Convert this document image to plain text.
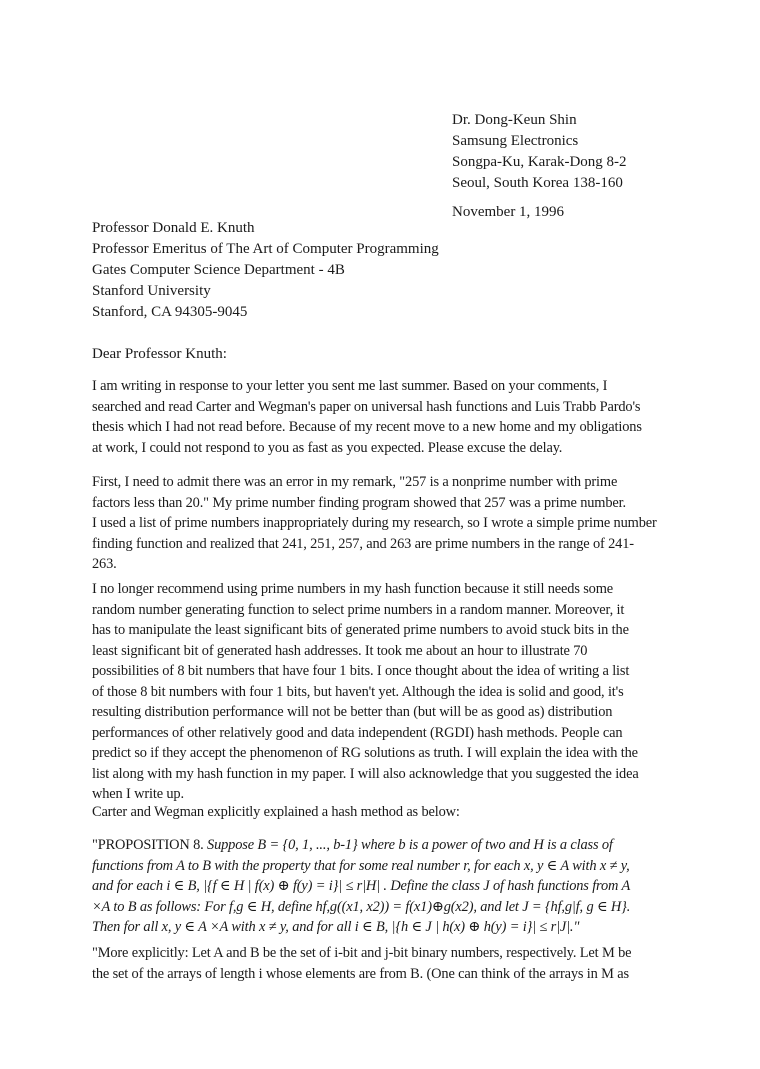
Dr. Dong-Keun Shin
Samsung Electronics
Songpa-Ku, Karak-Dong 8-2
Seoul, South Korea 138-160
November 1, 1996
Professor Donald E. Knuth
Professor Emeritus of The Art of Computer Programming
Gates Computer Science Department - 4B
Stanford University
Stanford, CA 94305-9045
Dear Professor Knuth:
I am writing in response to your letter you sent me last summer. Based on your comments, I
searched and read Carter and Wegman's paper on universal hash functions and Luis Trabb Pardo's
thesis which I had not read before. Because of my recent move to a new home and my obligations
at work, I could not respond to you as fast as you expected. Please excuse the delay.
First, I need to admit there was an error in my remark, "257 is a nonprime number with prime
factors less than 20." My prime number finding program showed that 257 was a prime number.
I used a list of prime numbers inappropriately during my research, so I wrote a simple prime number
finding function and realized that 241, 251, 257, and 263 are prime numbers in the range of 241-
263.
I no longer recommend using prime numbers in my hash function because it still needs some
random number generating function to select prime numbers in a random manner. Moreover, it
has to manipulate the least significant bits of generated prime numbers to avoid stuck bits in the
least significant bit of generated hash addresses. It took me about an hour to illustrate 70
possibilities of 8 bit numbers that have four 1 bits. I once thought about the idea of writing a list
of those 8 bit numbers with four 1 bits, but haven't yet. Although the idea is solid and good, it's
resulting distribution performance will not be better than (but will be as good as) distribution
performances of other relatively good and data independent (RGDI) hash methods. People can
predict so if they accept the phenomenon of RG solutions as truth. I will explain the idea with the
list along with my hash function in my paper. I will also acknowledge that you suggested the idea
when I write up.
Carter and Wegman explicitly explained a hash method as below:
"PROPOSITION 8. Suppose B = {0, 1, ..., b-1} where b is a power of two and H is a class of
functions from A to B with the property that for some real number r, for each x, y ∈ A with x ≠ y,
and for each i ∈ B, |{f ∈ H | f(x) ⊕ f(y) = i}| ≤ r|H| . Define the class J of hash functions from A
×A to B as follows: For f,g ∈ H, define hf,g((x1, x2)) = f(x1)⊕g(x2), and let J = {hf,g|f, g ∈ H}.
Then for all x, y ∈ A ×A with x ≠ y, and for all i ∈ B, |{h ∈ J | h(x) ⊕ h(y) = i}| ≤ r|J|."
"More explicitly: Let A and B be the set of i-bit and j-bit binary numbers, respectively. Let M be
the set of the arrays of length i whose elements are from B. (One can think of the arrays in M as
